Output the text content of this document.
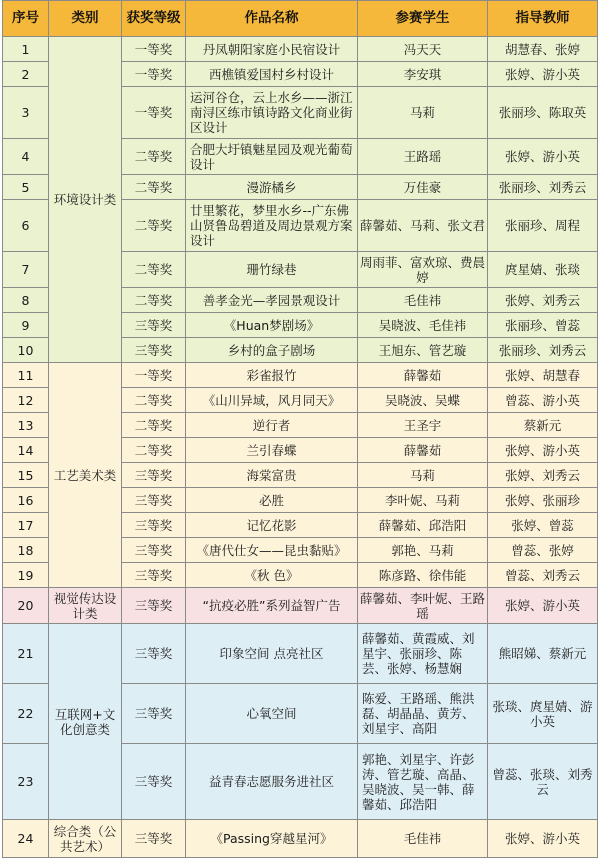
序号	类别	获奖等级	作品名称	参赛学生	指导教师
1	环境设计类	一等奖	丹凤朝阳家庭小民宿设计	冯天天	胡慧春、张婷
2		一等奖	西樵镇爱国村乡村设计	李安琪	张婷、游小英
3		一等奖	运河谷仓，云上水乡——浙江南浔区练市镇诗路文化商业街区设计	马莉	张丽珍、陈取英
4		二等奖	合肥大圩镇魅星园及观光葡萄设计	王路瑶	张婷、游小英
5		二等奖	漫游橘乡	万佳豪	张丽珍、刘秀云
6		二等奖	廿里繁花，梦里水乡--广东佛山贤鲁岛碧道及周边景观方案设计	薛馨茹、马莉、张文君	张丽珍、周程
7		二等奖	珊竹绿巷	周雨菲、富欢琼、费晨婷	庹星婧、张琰
8		二等奖	善孝金光—孝园景观设计	毛佳祎	张婷、刘秀云
9		三等奖	《Huan梦剧场》	吴晓波、毛佳祎	张丽珍、曾蕊
10		三等奖	乡村的盒子剧场	王旭东、管艺璇	张丽珍、刘秀云
11	工艺美术类	一等奖	彩雀报竹	薛馨茹	张婷、胡慧春
12		二等奖	《山川异域，风月同天》	吴晓波、吴蝶	曾蕊、游小英
13		二等奖	逆行者	王圣宇	蔡新元
14		二等奖	兰引春蝶	薛馨茹	张婷、游小英
15		三等奖	海棠富贵	马莉	张婷、刘秀云
16		三等奖	必胜	李叶妮、马莉	张婷、张丽珍
17		三等奖	记忆花影	薛馨茹、邱浩阳	张婷、曾蕊
18		三等奖	《唐代仕女——昆虫黏贴》	郭艳、马莉	曾蕊、张婷
19		三等奖	《秋 色》	陈彦路、徐伟能	曾蕊、刘秀云
20	视觉传达设计类	三等奖	“抗疫必胜”系列益智广告	薛馨茹、李叶妮、王路瑶	张婷、游小英
21	互联网+文化创意类	三等奖	印象空间 点亮社区	薛馨茹、黄霞威、刘星宇、张丽珍、陈芸、张婷、杨慧娴	熊昭娣、蔡新元
22		三等奖	心氧空间	陈爱、王路瑶、熊洪磊、胡晶晶、黄芳、刘星宇、高阳	张琰、庹星婧、游小英
23		三等奖	益青春志愿服务进社区	郭艳、刘星宇、许彭涛、管艺璇、高晶、吴晓波、吴一韩、薛馨茹、邱浩阳	曾蕊、张琰、刘秀云
24	综合类（公共艺术）	三等奖	《Passing穿越星河》	毛佳祎	张婷、游小英
